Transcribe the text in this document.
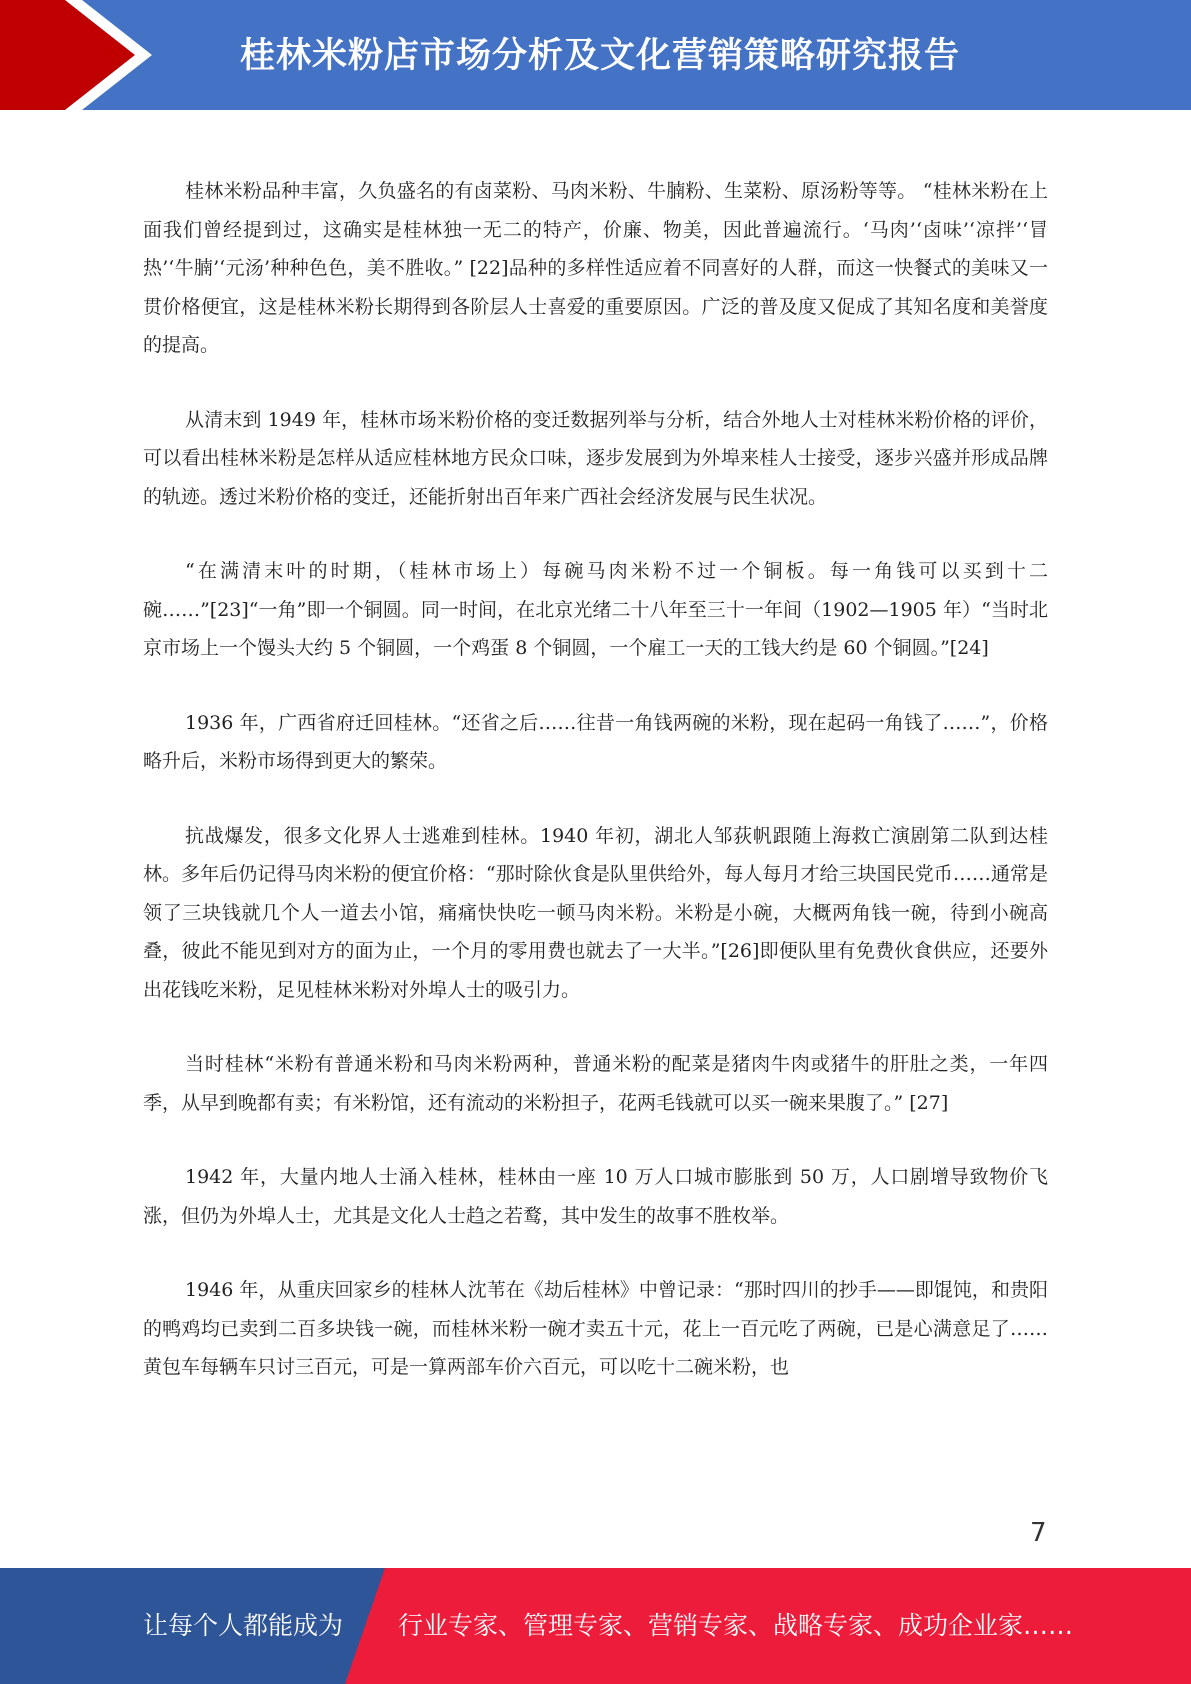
桂林米粉店市场分析及文化营销策略研究报告

桂林米粉品种丰富，久负盛名的有卤菜粉、马肉米粉、牛腩粉、生菜粉、原汤粉等等。 “桂林米粉在上面我们曾经提到过，这确实是桂林独一无二的特产，价廉、物美，因此普遍流行。‘马肉’‘卤味’‘凉拌’‘冒热’‘牛腩’‘元汤’种种色色，美不胜收。” [22]品种的多样性适应着不同喜好的人群，而这一快餐式的美味又一贯价格便宜，这是桂林米粉长期得到各阶层人士喜爱的重要原因。广泛的普及度又促成了其知名度和美誉度的提高。

从清末到 1949 年，桂林市场米粉价格的变迁数据列举与分析，结合外地人士对桂林米粉价格的评价，可以看出桂林米粉是怎样从适应桂林地方民众口味，逐步发展到为外埠来桂人士接受，逐步兴盛并形成品牌的轨迹。透过米粉价格的变迁，还能折射出百年来广西社会经济发展与民生状况。

“在满清末叶的时期，（桂林市场上）每碗马肉米粉不过一个铜板。每一角钱可以买到十二碗……”[23]“一角”即一个铜圆。同一时间，在北京光绪二十八年至三十一年间（1902—1905 年）“当时北京市场上一个馒头大约 5 个铜圆，一个鸡蛋 8 个铜圆，一个雇工一天的工钱大约是 60 个铜圆。”[24]

1936 年，广西省府迁回桂林。“还省之后……往昔一角钱两碗的米粉，现在起码一角钱了……”，价格略升后，米粉市场得到更大的繁荣。

抗战爆发，很多文化界人士逃难到桂林。1940 年初，湖北人邹荻帆跟随上海救亡演剧第二队到达桂林。多年后仍记得马肉米粉的便宜价格：“那时除伙食是队里供给外，每人每月才给三块国民党币……通常是领了三块钱就几个人一道去小馆，痛痛快快吃一顿马肉米粉。米粉是小碗，大概两角钱一碗，待到小碗高叠，彼此不能见到对方的面为止，一个月的零用费也就去了一大半。”[26]即便队里有免费伙食供应，还要外出花钱吃米粉，足见桂林米粉对外埠人士的吸引力。

当时桂林“米粉有普通米粉和马肉米粉两种，普通米粉的配菜是猪肉牛肉或猪牛的肝肚之类，一年四季，从早到晚都有卖；有米粉馆，还有流动的米粉担子，花两毛钱就可以买一碗来果腹了。” [27]

1942 年，大量内地人士涌入桂林，桂林由一座 10 万人口城市膨胀到 50 万，人口剧增导致物价飞涨，但仍为外埠人士，尤其是文化人士趋之若鹜，其中发生的故事不胜枚举。

1946 年，从重庆回家乡的桂林人沈苇在《劫后桂林》中曾记录：“那时四川的抄手——即馄饨，和贵阳的鸭鸡均已卖到二百多块钱一碗，而桂林米粉一碗才卖五十元，花上一百元吃了两碗，已是心满意足了……黄包车每辆车只讨三百元，可是一算两部车价六百元，可以吃十二碗米粉，也

7
让每个人都能成为 行业专家、管理专家、营销专家、战略专家、成功企业家……
